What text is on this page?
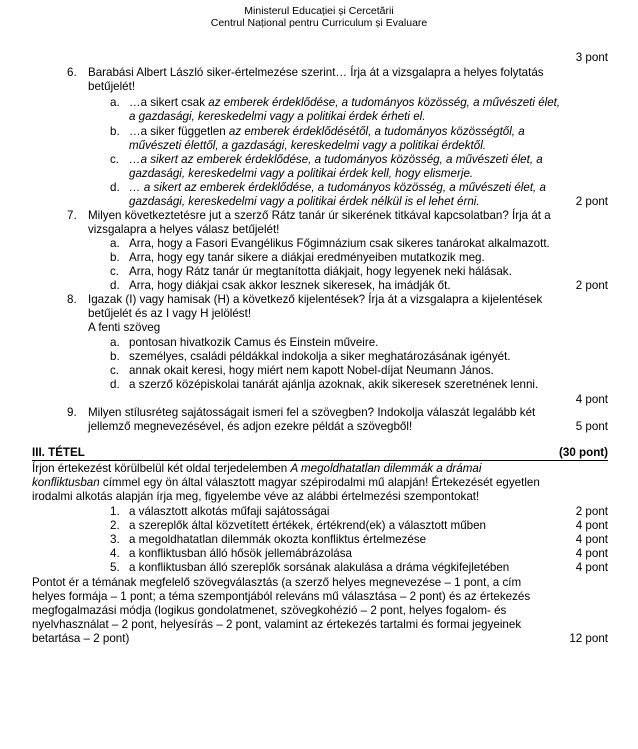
Ministerul Educației și Cercetării
Centrul Național pentru Curriculum și Evaluare
3 pont
6. Barabási Albert László siker-értelmezése szerint… Írja át a vizsgalapra a helyes folytatás
betűjelét!
a. …a sikert csak az emberek érdeklődése, a tudományos közösség, a művészeti élet,
a gazdasági, kereskedelmi vagy a politikai érdek érheti el.
b. …a siker független az emberek érdeklődésétől, a tudományos közösségtől, a
művészeti élettől, a gazdasági, kereskedelmi vagy a politikai érdektől.
c. …a sikert az emberek érdeklődése, a tudományos közösség, a művészeti élet, a
gazdasági, kereskedelmi vagy a politikai érdek kell, hogy elismerje.
d. … a sikert az emberek érdeklődése, a tudományos közösség, a művészeti élet, a
gazdasági, kereskedelmi vagy a politikai érdek nélkül is el lehet érni.	2 pont
7. Milyen következtetésre jut a szerző Rátz tanár úr sikerének titkával kapcsolatban? Írja át a
vizsgalapra a helyes válasz betűjelét!
a. Arra, hogy a Fasori Evangélikus Főgimnázium csak sikeres tanárokat alkalmazott.
b. Arra, hogy egy tanár sikere a diákjai eredményeiben mutatkozik meg.
c. Arra, hogy Rátz tanár úr megtanította diákjait, hogy legyenek neki hálásak.
d. Arra, hogy diákjai csak akkor lesznek sikeresek, ha imádják őt.	2 pont
8. Igazak (I) vagy hamisak (H) a következő kijelentések? Írja át a vizsgalapra a kijelentések
betűjelét és az I vagy H jelölést!
A fenti szöveg
a. pontosan hivatkozik Camus és Einstein műveire.
b. személyes, családi példákkal indokolja a siker meghatározásának igényét.
c. annak okait keresi, hogy miért nem kapott Nobel-díjat Neumann János.
d. a szerző középiskolai tanárát ajánlja azoknak, akik sikeresek szeretnének lenni.
4 pont
9. Milyen stílusréteg sajátosságait ismeri fel a szövegben? Indokolja válaszát legalább két
jellemző megnevezésével, és adjon ezekre példát a szövegből!	5 pont
III. TÉTEL	(30 pont)
Írjon értekezést körülbelül két oldal terjedelemben A megoldhatatlan dilemmák a drámai
konfliktusban címmel egy ön által választott magyar szépirodalmi mű alapján! Értekezését egyetlen
irodalmi alkotás alapján írja meg, figyelembe véve az alábbi értelmezési szempontokat!
1. a választott alkotás műfaji sajátosságai	2 pont
2. a szereplők által közvetített értékek, értékrend(ek) a választott műben	4 pont
3. a megoldhatatlan dilemmák okozta konfliktus értelmezése	4 pont
4. a konfliktusban álló hősök jellemábrázolása	4 pont
5. a konfliktusban álló szereplők sorsának alakulása a dráma végkifejletében	4 pont
Pontot ér a témának megfelelő szövegválasztás (a szerző helyes megnevezése – 1 pont, a cím
helyes formája – 1 pont; a téma szempontjából releváns mű választása – 2 pont) és az értekezés
megfogalmazási módja (logikus gondolatmenet, szövegkohézió – 2 pont, helyes fogalom- és
nyelvhasználat – 2 pont, helyesírás – 2 pont, valamint az értekezés tartalmi és formai jegyeinek
betartása – 2 pont)	12 pont
